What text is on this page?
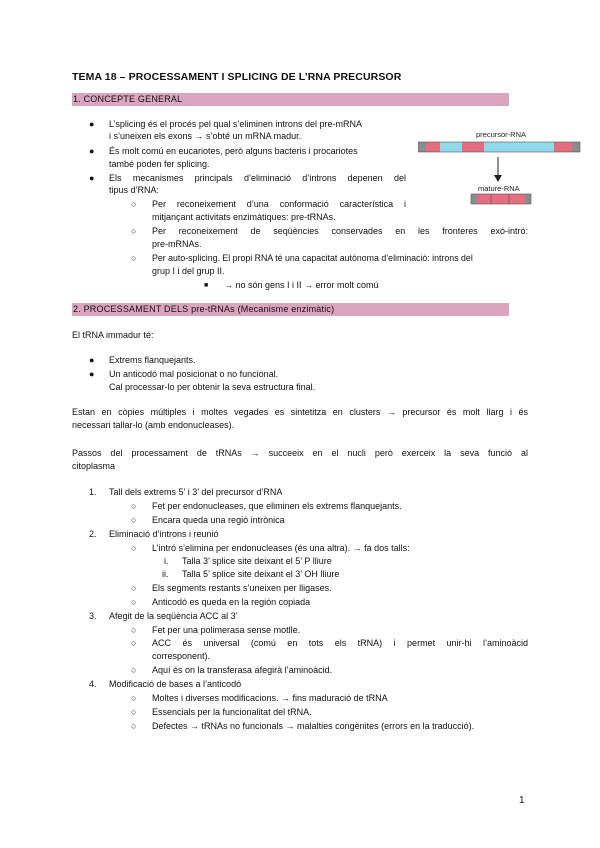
TEMA 18 – PROCESSAMENT I SPLICING DE L’RNA PRECURSOR
1. CONCEPTE GENERAL
● L’splicing és el procés pel qual s’eliminen introns del pre-mRNA
i s’uneixen els exons → s’obté un mRNA madur.
● És molt comú en eucariotes, però alguns bacteris i procariotes
també poden fer splicing.
● Els mecanismes principals d’eliminació d’introns depenen del
tipus d’RNA:
○ Per reconeixement d’una conformació característica i
mitjançant activitats enzimàtiques: pre-tRNAs.
○ Per reconeixement de seqüències conservades en les fronteres exó-intró:
pre-mRNAs.
○ Per auto-splicing. El propi RNA té una capacitat autònoma d’eliminació: introns del
grup I i del grup II.
■ → no són gens I i II → error molt comú
2. PROCESSAMENT DELS pre-tRNAs (Mecanisme enzimàtic)
El tRNA immadur té:
● Extrems flanquejants.
● Un anticodó mal posicionat o no funcional.
Cal processar-lo per obtenir la seva estructura final.
Estan en còpies múltiples i moltes vegades es sintetitza en clusters → precursor és molt llarg i és
necessari tallar-lo (amb endonucleases).
Passos del processament de tRNAs → succeeix en el nucli però exerceix la seva funció al
citoplasma
1. Tall dels extrems 5’ i 3’ del precursor d’RNA
○ Fet per endonucleases, que eliminen els extrems flanquejants.
○ Encara queda una regió intrònica
2. Eliminació d’introns i reunió
○ L’intró s’elimina per endonucleases (és una altra). → fa dos talls:
i. Talla 3’ splice site deixant el 5’ P lliure
ii. Talla 5’ splice site deixant el 3’ OH lliure
○ Els segments restants s’uneixen per lligases.
○ Anticodó es queda en la región copiada
3. Afegit de la seqüència ACC al 3’
○ Fet per una polimerasa sense motlle.
○ ACC és universal (comú en tots els tRNA) i permet unir-hi l’aminoàcid
corresponent).
○ Aquí és on la transferasa afegirà l’aminoàcid.
4. Modificació de bases a l’anticodó
○ Moltes i diverses modificacions. → fins maduració de tRNA
○ Essencials per la funcionalitat del tRNA.
○ Defectes → tRNAs no funcionals → malalties congènites (errors en la traducció).
precursor-RNA
mature-RNA
1
